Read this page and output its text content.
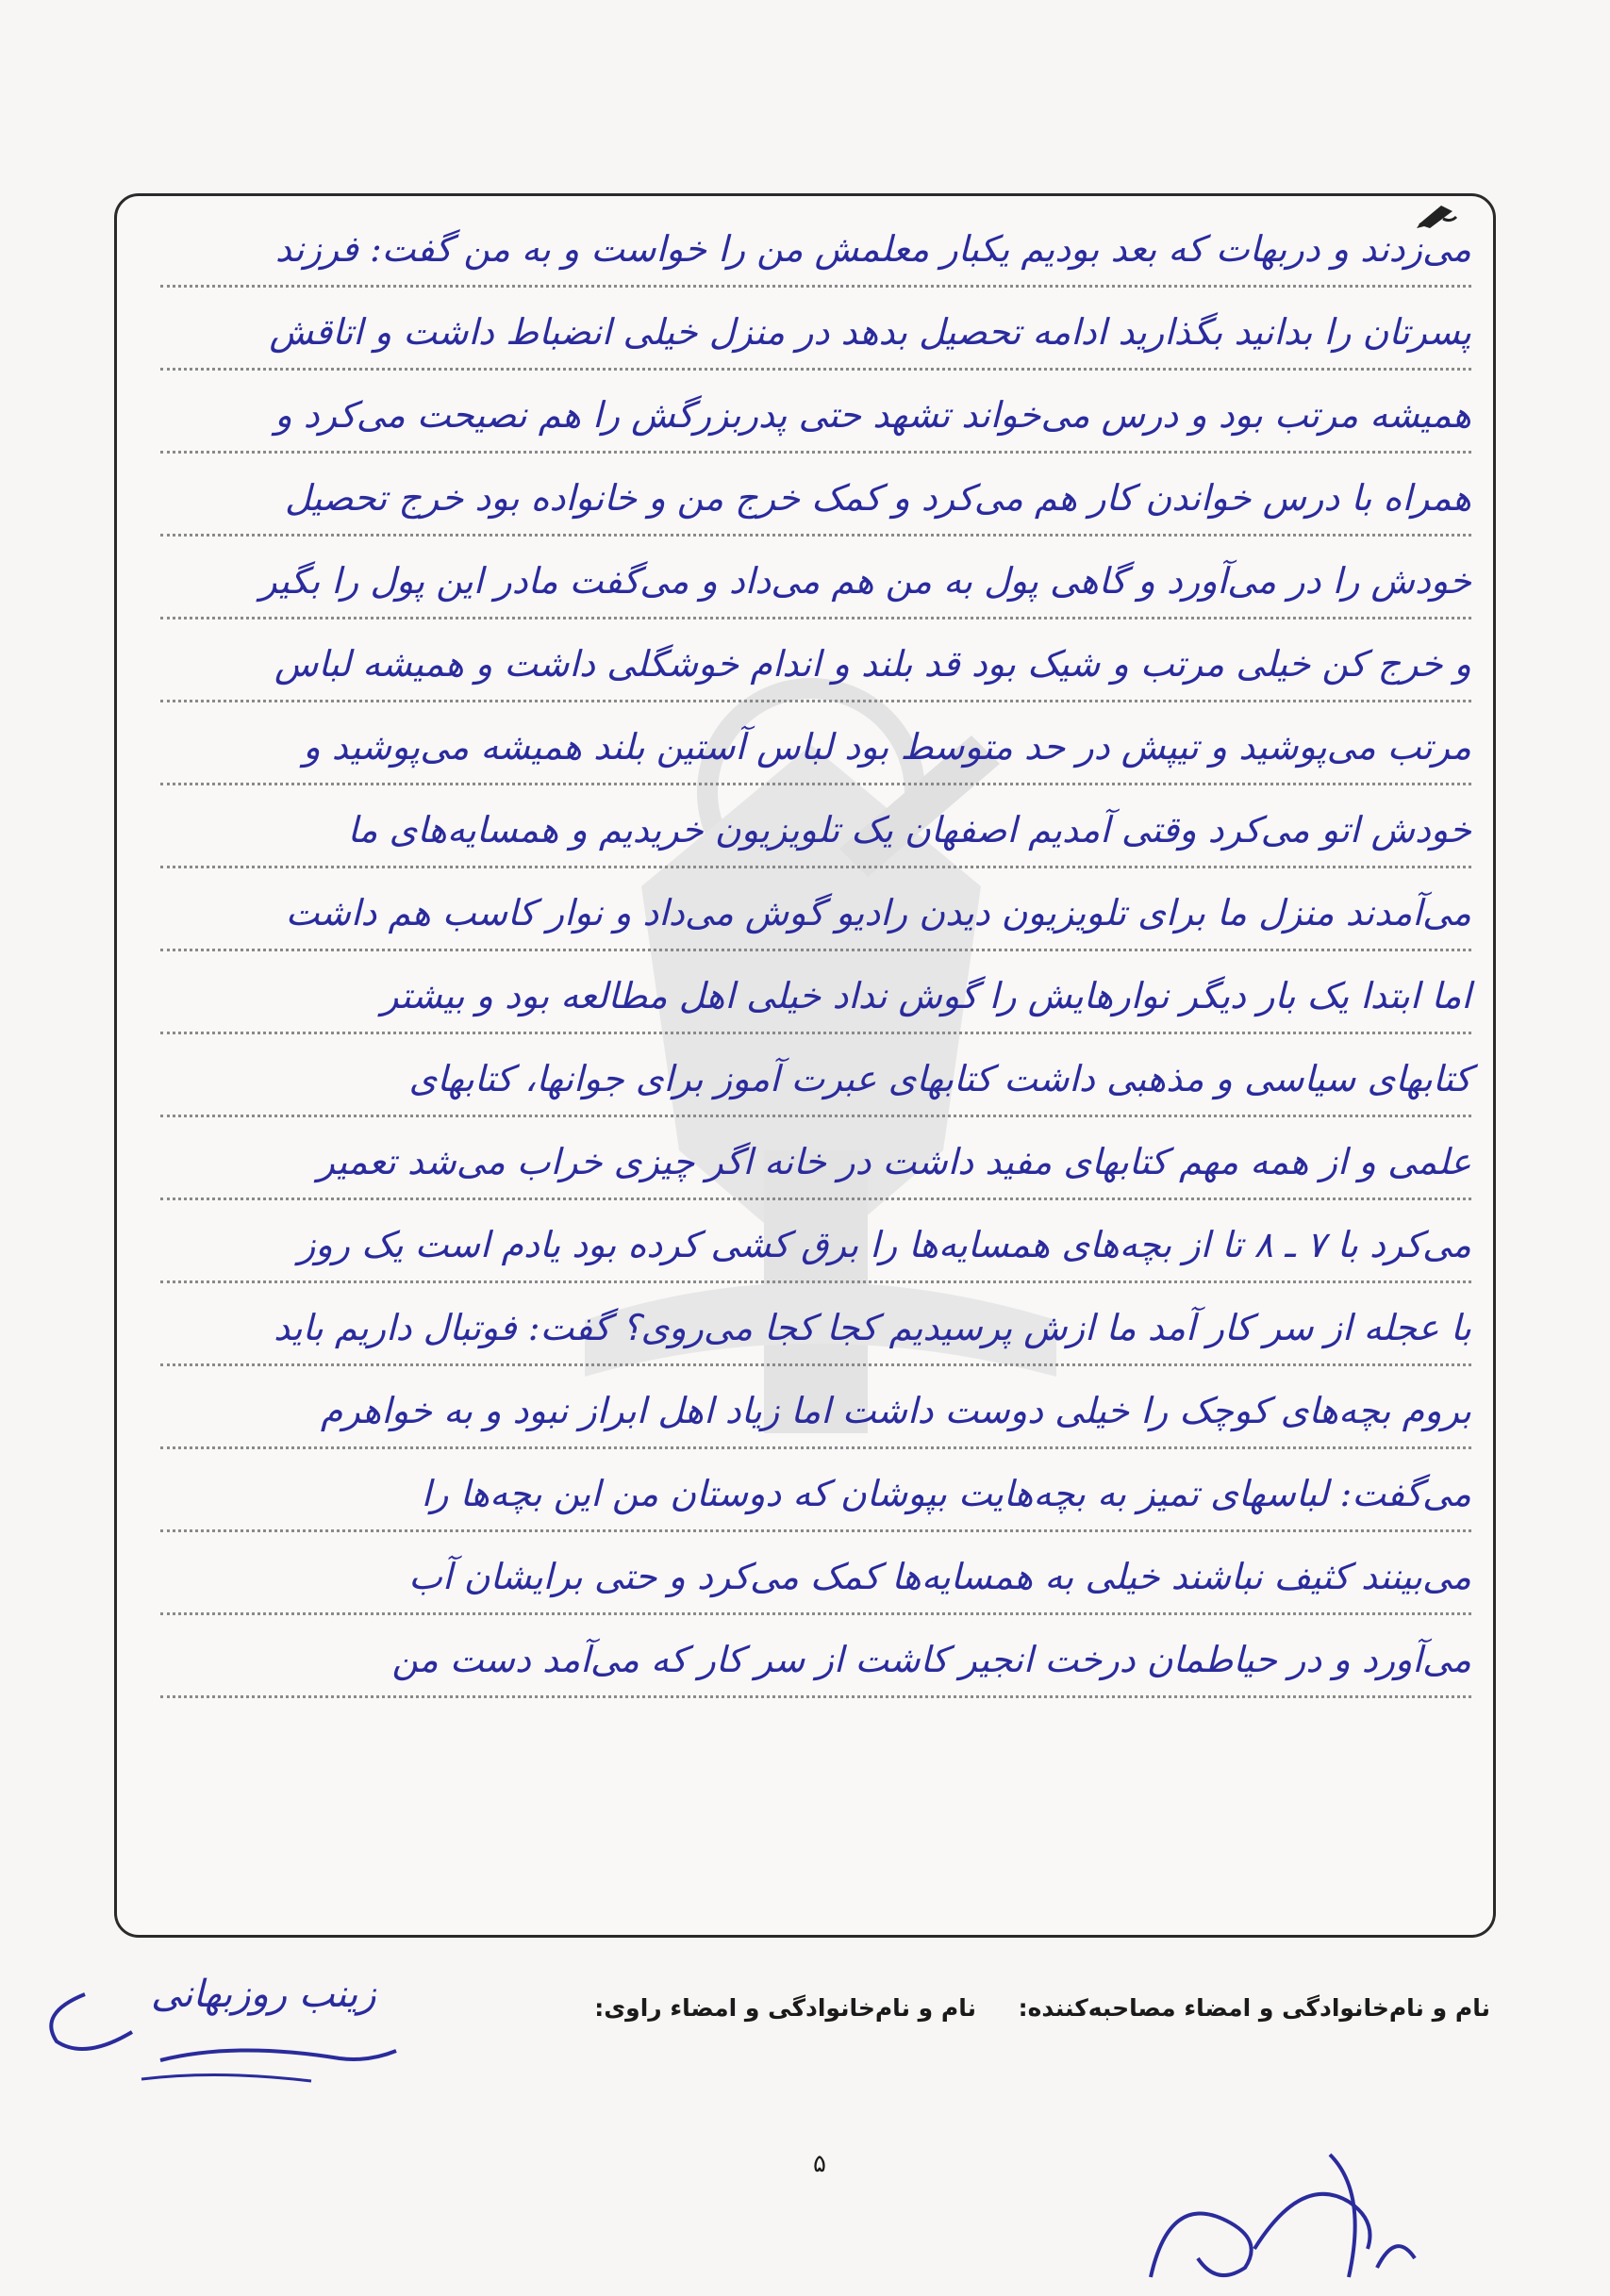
می‌زدند و دربهات که بعد بودیم یکبار معلمش من را خواست و به من گفت: فرزند
پسرتان را بدانید بگذارید ادامه تحصیل بدهد در منزل خیلی انضباط داشت و اتاقش
همیشه مرتب بود و درس می‌خواند تشهد حتی پدربزرگش را هم نصیحت می‌کرد و
همراه با درس خواندن کار هم می‌کرد و کمک خرج من و خانواده بود خرج تحصیل
خودش را در می‌آورد و گاهی پول به من هم می‌داد و می‌گفت مادر این پول را بگیر
و خرج کن خیلی مرتب و شیک بود قد بلند و اندام خوشگلی داشت و همیشه لباس
مرتب می‌پوشید و تیپش در حد متوسط بود لباس آستین بلند همیشه می‌پوشید و
خودش اتو می‌کرد وقتی آمدیم اصفهان یک تلویزیون خریدیم و همسایه‌های ما
می‌آمدند منزل ما برای تلویزیون دیدن رادیو گوش می‌داد و نوار کاسب هم داشت
اما ابتدا یک بار دیگر نوارهایش را گوش نداد خیلی اهل مطالعه بود و بیشتر
کتابهای سیاسی و مذهبی داشت کتابهای عبرت آموز برای جوانها، کتابهای
علمی و از همه مهم کتابهای مفید داشت در خانه اگر چیزی خراب می‌شد تعمیر
می‌کرد با ۷ ـ ۸ تا از بچه‌های همسایه‌ها را برق کشی کرده بود یادم است یک روز
با عجله از سر کار آمد ما ازش پرسیدیم کجا کجا می‌روی؟ گفت: فوتبال داریم باید
بروم بچه‌های کوچک را خیلی دوست داشت اما زیاد اهل ابراز نبود و به خواهرم
می‌گفت: لباسهای تمیز به بچه‌هایت بپوشان که دوستان من این بچه‌ها را
می‌بینند کثیف نباشند خیلی به همسایه‌ها کمک می‌کرد و حتی برایشان آب
می‌آورد و در حیاطمان درخت انجیر کاشت از سر کار که می‌آمد دست من
نام و نام‌خانوادگی و امضاء مصاحبه‌کننده:
نام و نام‌خانوادگی و امضاء راوی:
زینب روزبهانی
۵
